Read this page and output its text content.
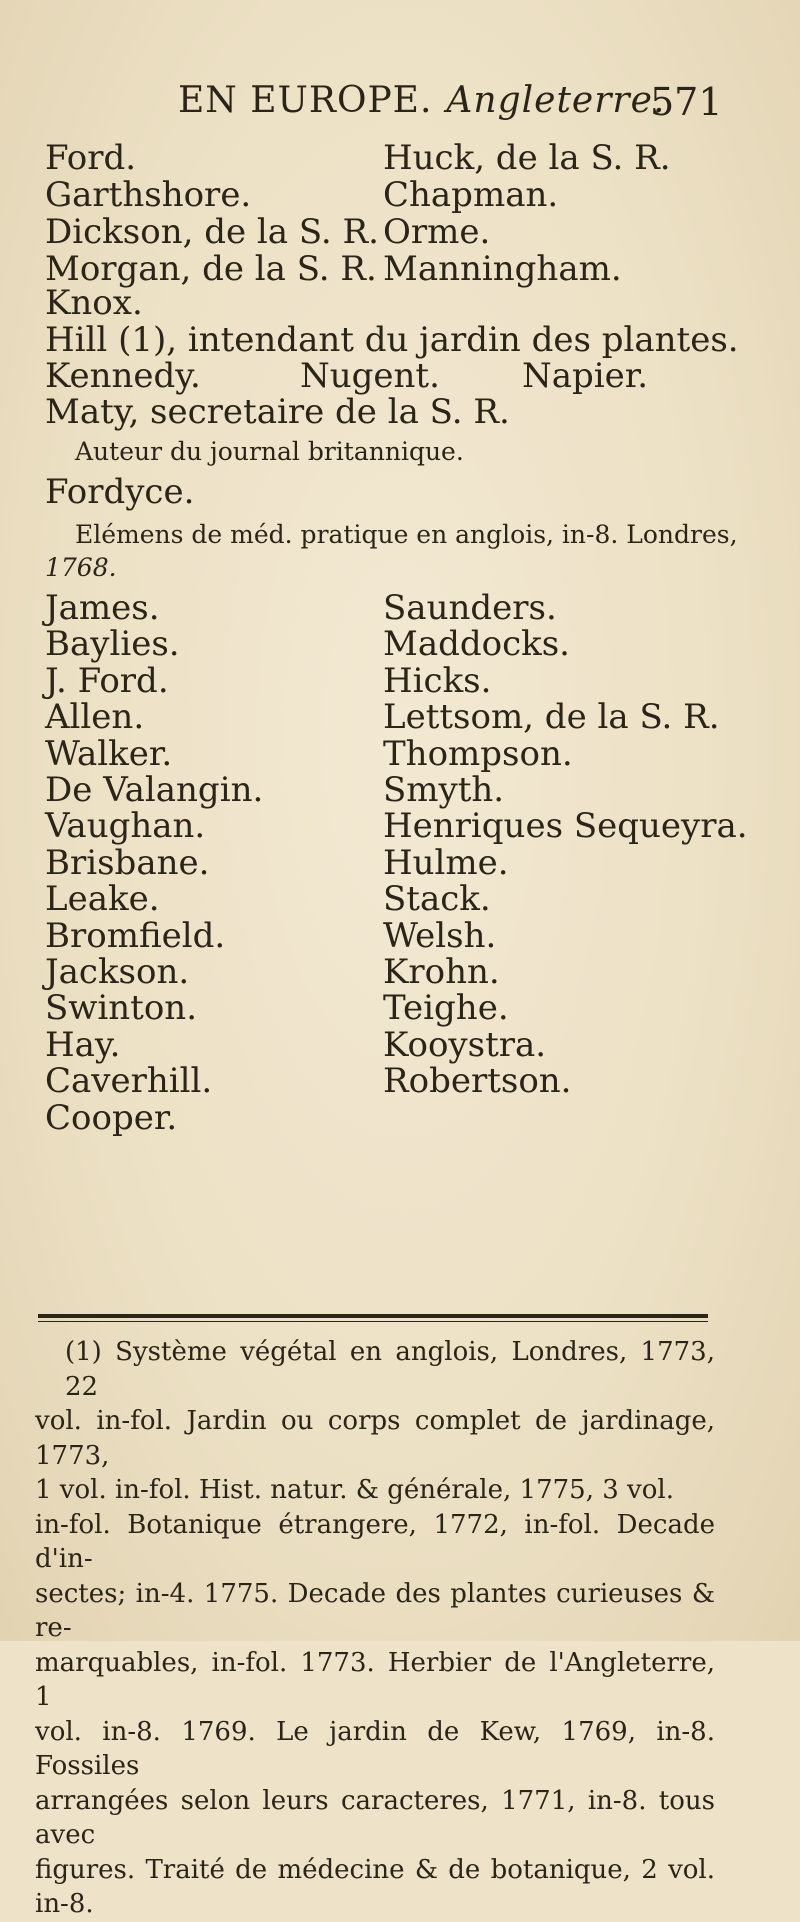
EN EUROPE. Angleterre.
571
Ford.	Huck, de la S. R.
Garthshore.	Chapman.
Dickson, de la S. R. Orme.
Morgan, de la S. R. Manningham.
Knox.
Hill (1), intendant du jardin des plantes.
Kennedy.	Nugent. Napier.
Maty, secretaire de la S. R.
Auteur du journal britannique.
Fordyce.
Elémens de méd. pratique en anglois, in-8. Londres,
1768.
James.	Saunders.
Baylies.	Maddocks.
J. Ford.	Hicks.
Allen.	Lettsom, de la S. R.
Walker.	Thompson.
De Valangin.	Smyth.
Vaughan.	Henriques Sequeyra.
Brisbane.	Hulme.
Leake.	Stack.
Bromfield.	Welsh.
Jackson.	Krohn.
Swinton.	Teighe.
Hay.	Kooystra.
Caverhill.	Robertson.
Cooper.

(1) Système végétal en anglois, Londres, 1773, 22

vol. in-fol. Jardin ou corps complet de jardinage, 1773,

1 vol. in-fol. Hist. natur. & générale, 1775, 3 vol.

in-fol. Botanique étrangere, 1772, in-fol. Decade d'in-

sectes; in-4. 1775. Decade des plantes curieuses & re-

marquables, in-fol. 1773. Herbier de l'Angleterre, 1

vol. in-8. 1769. Le jardin de Kew, 1769, in-8. Fossiles

arrangées selon leurs caracteres, 1771, in-8. tous avec

figures. Traité de médecine & de botanique, 2 vol. in-8.
